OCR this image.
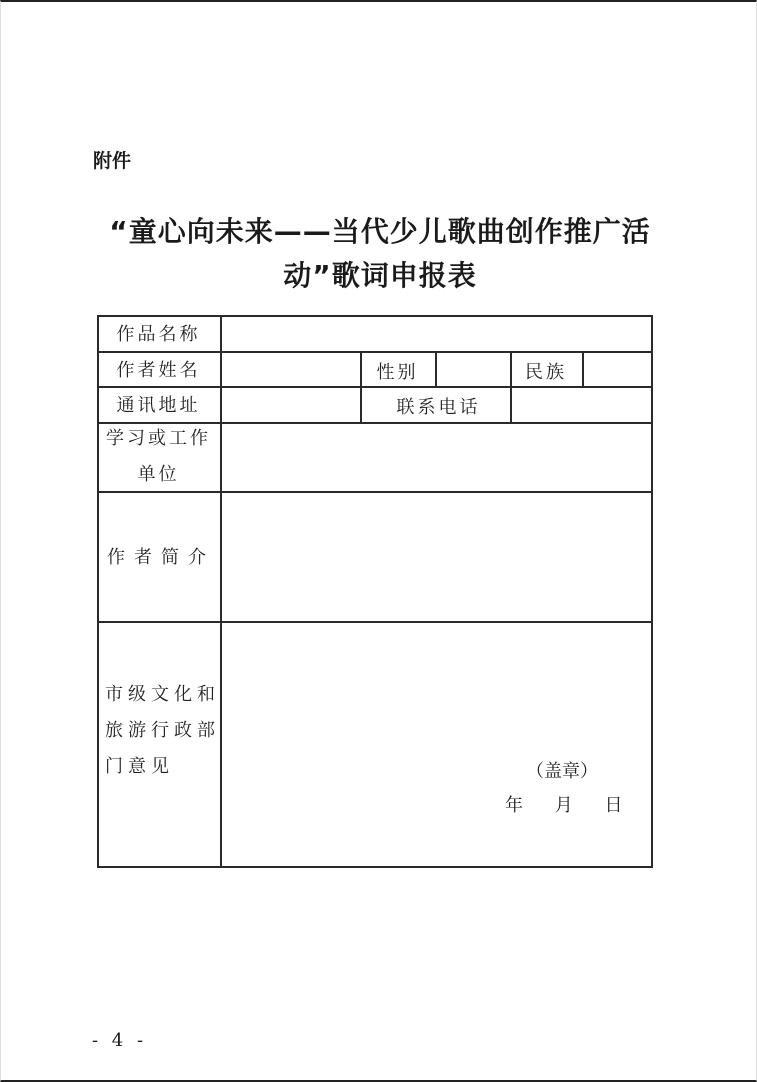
附件
“童心向未来——当代少儿歌曲创作推广活
动”歌词申报表
作品名称
作者姓名	性别	民族
通讯地址	联系电话
学习或工作
单位
作者简介
市级文化和
旅游行政部
门意见	（盖章）
年 月 日
- 4 -
